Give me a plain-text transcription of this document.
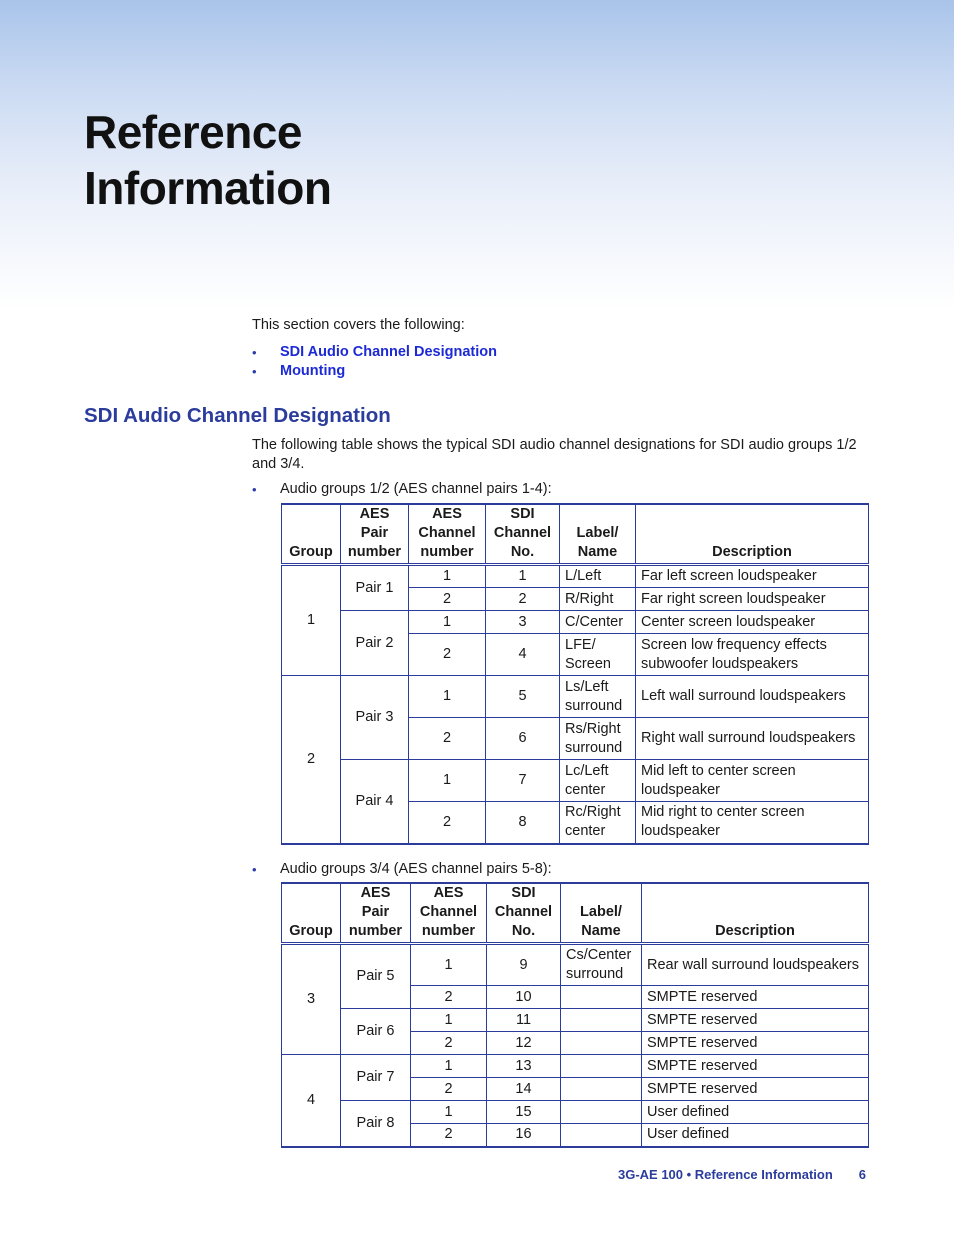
Reference
Information

This section covers the following:

• SDI Audio Channel Designation
• Mounting
SDI Audio Channel Designation

The following table shows the typical SDI audio channel designations for SDI audio groups 1/2 and 3/4.

• Audio groups 1/2 (AES channel pairs 1-4):
Group	AES
Pair
number	AES
Channel
number	SDI
Channel
No.	Label/
Name	Description
1	Pair 1	1	1	L/Left	Far left screen loudspeaker
		2	2	R/Right	Far right screen loudspeaker
	Pair 2	1	3	C/Center	Center screen loudspeaker
		2	4	LFE/ Screen	Screen low frequency effects subwoofer loudspeakers
2	Pair 3	1	5	Ls/Left surround	Left wall surround loudspeakers
		2	6	Rs/Right surround	Right wall surround loudspeakers
	Pair 4	1	7	Lc/Left center	Mid left to center screen loudspeaker
		2	8	Rc/Right center	Mid right to center screen loudspeaker
• Audio groups 3/4 (AES channel pairs 5-8):
Group	AES
Pair
number	AES
Channel
number	SDI
Channel
No.	Label/
Name	Description
3	Pair 5	1	9	Cs/Center surround	Rear wall surround loudspeakers
		2	10		SMPTE reserved
	Pair 6	1	11		SMPTE reserved
		2	12		SMPTE reserved
4	Pair 7	1	13		SMPTE reserved
		2	14		SMPTE reserved
	Pair 8	1	15		User defined
		2	16		User defined
3G-AE 100 • Reference Information 6
